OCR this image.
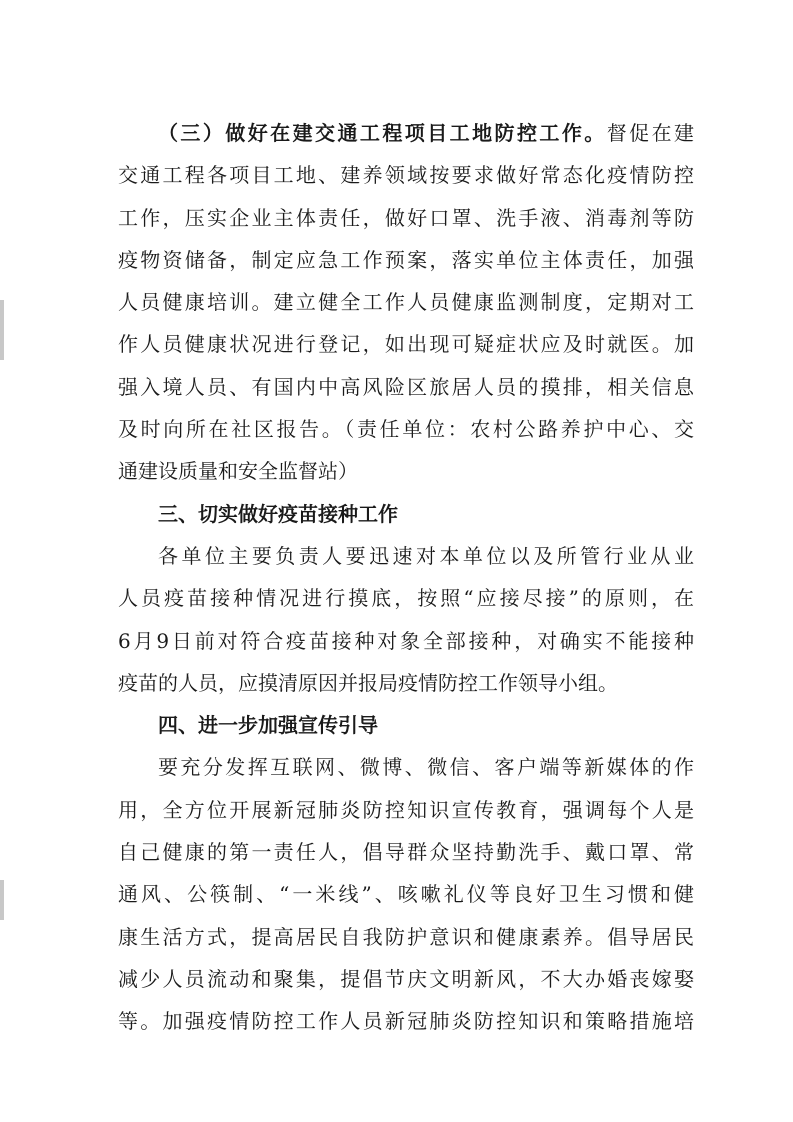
（三）做好在建交通工程项目工地防控工作。督促在建
交通工程各项目工地、建养领域按要求做好常态化疫情防控
工作，压实企业主体责任，做好口罩、洗手液、消毒剂等防
疫物资储备，制定应急工作预案，落实单位主体责任，加强
人员健康培训。建立健全工作人员健康监测制度，定期对工
作人员健康状况进行登记，如出现可疑症状应及时就医。加
强入境人员、有国内中高风险区旅居人员的摸排，相关信息
及时向所在社区报告。（责任单位：农村公路养护中心、交
通建设质量和安全监督站）
三、切实做好疫苗接种工作
各单位主要负责人要迅速对本单位以及所管行业从业
人员疫苗接种情况进行摸底，按照“应接尽接”的原则，在
6月9日前对符合疫苗接种对象全部接种，对确实不能接种
疫苗的人员，应摸清原因并报局疫情防控工作领导小组。
四、进一步加强宣传引导
要充分发挥互联网、微博、微信、客户端等新媒体的作
用，全方位开展新冠肺炎防控知识宣传教育，强调每个人是
自己健康的第一责任人，倡导群众坚持勤洗手、戴口罩、常
通风、公筷制、“一米线”、咳嗽礼仪等良好卫生习惯和健
康生活方式，提高居民自我防护意识和健康素养。倡导居民
减少人员流动和聚集，提倡节庆文明新风，不大办婚丧嫁娶
等。加强疫情防控工作人员新冠肺炎防控知识和策略措施培
